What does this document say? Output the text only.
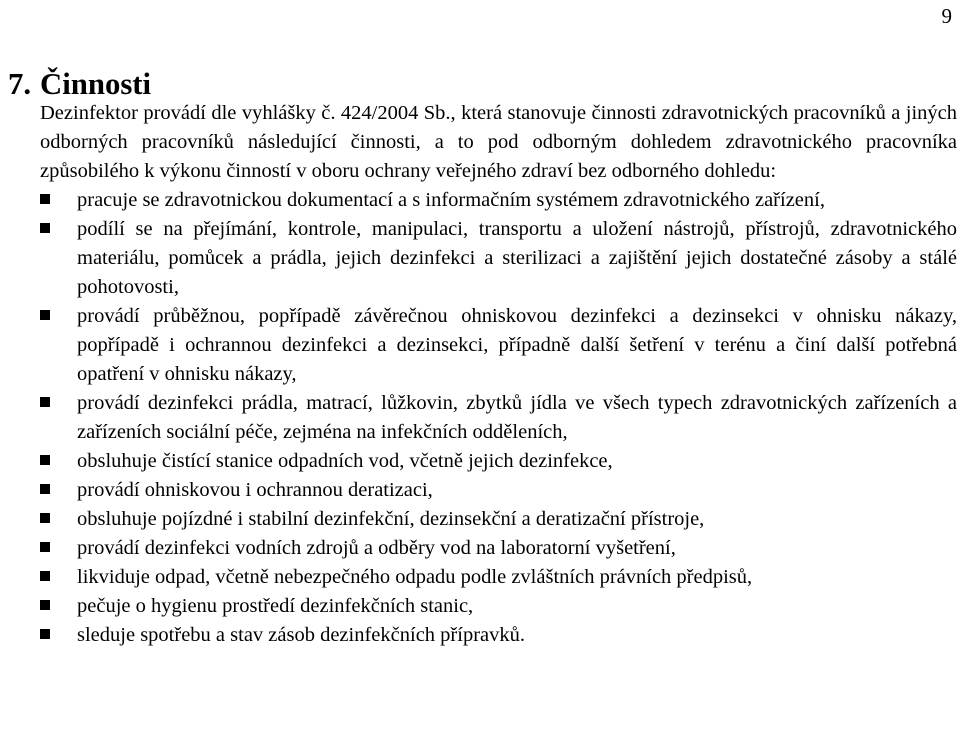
9
7. Činnosti

Dezinfektor provádí dle vyhlášky č. 424/2004 Sb., která stanovuje činnosti zdravotnických pracovníků a jiných odborných pracovníků následující činnosti, a to pod odborným dohledem zdravotnického pracovníka způsobilého k výkonu činností v oboru ochrany veřejného zdraví bez odborného dohledu:

pracuje se zdravotnickou dokumentací a s informačním systémem zdravotnického zařízení,
podílí se na přejímání, kontrole, manipulaci, transportu a uložení nástrojů, přístrojů, zdravotnického materiálu, pomůcek a prádla, jejich dezinfekci a sterilizaci a zajištění jejich dostatečné zásoby a stálé pohotovosti,
provádí průběžnou, popřípadě závěrečnou ohniskovou dezinfekci a dezinsekci v ohnisku nákazy, popřípadě i ochrannou dezinfekci a dezinsekci, případně další šetření v terénu a činí další potřebná opatření v ohnisku nákazy,
provádí dezinfekci prádla, matrací, lůžkovin, zbytků jídla ve všech typech zdravotnických zařízeních a zařízeních sociální péče, zejména na infekčních odděleních,
obsluhuje čistící stanice odpadních vod, včetně jejich dezinfekce,
provádí ohniskovou i ochrannou deratizaci,
obsluhuje pojízdné i stabilní dezinfekční, dezinsekční a deratizační přístroje,
provádí dezinfekci vodních zdrojů a odběry vod na laboratorní vyšetření,
likviduje odpad, včetně nebezpečného odpadu podle zvláštních právních předpisů,
pečuje o hygienu prostředí dezinfekčních stanic,
sleduje spotřebu a stav zásob dezinfekčních přípravků.
